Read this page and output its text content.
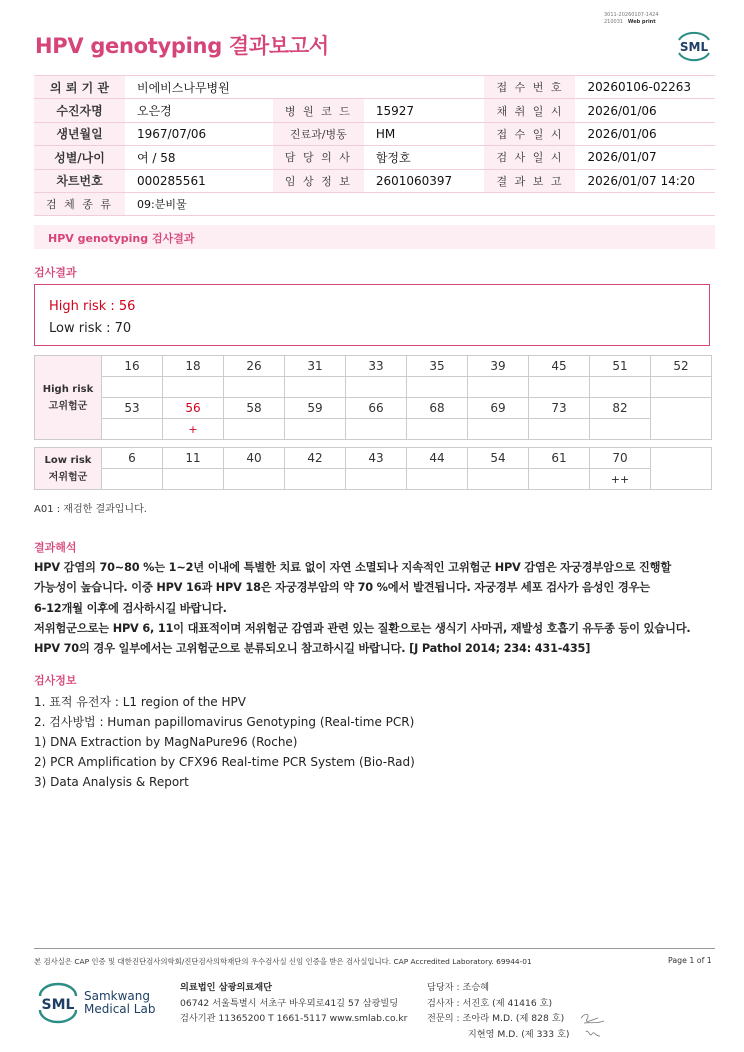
HPV genotyping 결과보고서
3011-20260107-1424
210031 Web print
SML
의 뢰 기 관	비에비스나무병원			접 수 번 호	20260106-02263
수진자명	오은경	병 원 코 드	15927	채 취 일 시	2026/01/06
생년월일	1967/07/06	진료과/병동	HM	접 수 일 시	2026/01/06
성별/나이	여 / 58	담 당 의 사	함정호	검 사 일 시	2026/01/07
차트번호	000285561	임 상 정 보	2601060397	결 과 보 고	2026/01/07 14:20
검 체 종 류	09:분비물				
HPV genotyping 검사결과
검사결과
High risk : 56
Low risk : 70
High risk
고위험군	16	18	26	31	33	35	39	45	51	52

	53	56	58	59	66	68	69	73	82	
		+								
Low risk
저위험군	6	11	40	42	43	44	54	61	70	
									++	
A01 : 재검한 결과입니다.
결과해석
HPV 감염의 70~80 %는 1~2년 이내에 특별한 치료 없이 자연 소멸되나 지속적인 고위험군 HPV 감염은 자궁경부암으로 진행할
가능성이 높습니다. 이중 HPV 16과 HPV 18은 자궁경부암의 약 70 %에서 발견됩니다. 자궁경부 세포 검사가 음성인 경우는
6-12개월 이후에 검사하시길 바랍니다.
저위험군으로는 HPV 6, 11이 대표적이며 저위험군 감염과 관련 있는 질환으로는 생식기 사마귀, 재발성 호흡기 유두종 등이 있습니다.
HPV 70의 경우 일부에서는 고위험군으로 분류되오니 참고하시길 바랍니다. [J Pathol 2014; 234: 431-435]
검사정보
1. 표적 유전자 : L1 region of the HPV
2. 검사방법 : Human papillomavirus Genotyping (Real-time PCR)
1) DNA Extraction by MagNaPure96 (Roche)
2) PCR Amplification by CFX96 Real-time PCR System (Bio-Rad)
3) Data Analysis & Report
본 검사실은 CAP 인증 및 대한진단검사의학회/진단검사의학재단의 우수검사실 신임 인증을 받은 검사실입니다. CAP Accredited Laboratory. 69944-01	Page 1 of 1
SML
Samkwang
Medical Lab
의료법인 삼광의료재단
06742 서울특별시 서초구 바우뫼로41길 57 삼광빌딩
검사기관 11365200 T 1661-5117 www.smlab.co.kr
담당자 : 조승혜
검사자 : 서진호 (제 41416 호)
전문의 : 조아라 M.D. (제 828 호)
지현영 M.D. (제 333 호)
